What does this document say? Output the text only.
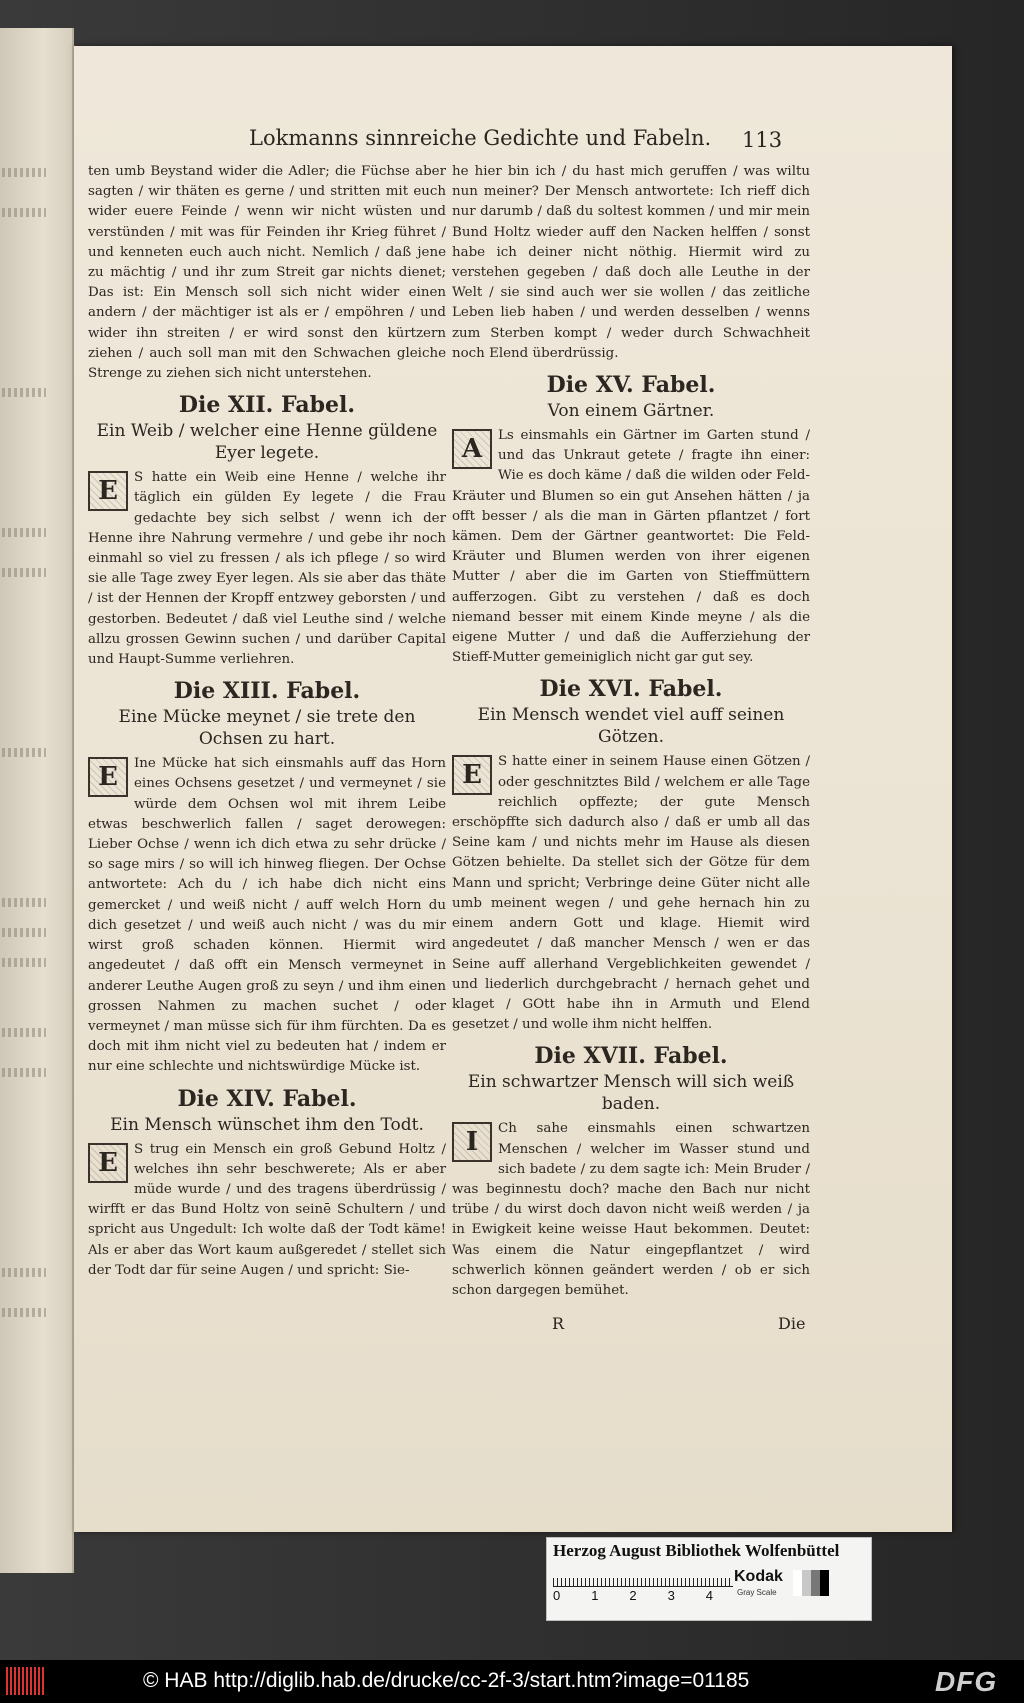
Lokmanns sinnreiche Gedichte und Fabeln.	113

ten umb Beystand wider die Adler; die Füchse aber sagten / wir thäten es gerne / und stritten mit euch wider euere Feinde / wenn wir nicht wüsten und verstünden / mit was für Feinden ihr Krieg führet / und kenneten euch auch nicht. Nemlich / daß jene zu mächtig / und ihr zum Streit gar nichts dienet; Das ist: Ein Mensch soll sich nicht wider einen andern / der mächtiger ist als er / empöhren / und wider ihn streiten / er wird sonst den kürtzern ziehen / auch soll man mit den Schwachen gleiche Strenge zu ziehen sich nicht unterstehen.

Die XII. Fabel.
Ein Weib / welcher eine Henne güldene Eyer legete.
E	S hatte ein Weib eine Henne / welche ihr täglich ein gülden Ey legete / die Frau gedachte bey sich selbst / wenn ich der Henne ihre Nahrung vermehre / und gebe ihr noch einmahl so viel zu fressen / als ich pflege / so wird sie alle Tage zwey Eyer legen. Als sie aber das thäte / ist der Hennen der Kropff entzwey geborsten / und gestorben. Bedeutet / daß viel Leuthe sind / welche allzu grossen Gewinn suchen / und darüber Capital und Haupt-Summe verliehren.

Die XIII. Fabel.
Eine Mücke meynet / sie trete den Ochsen zu hart.
E	Ine Mücke hat sich einsmahls auff das Horn eines Ochsens gesetzet / und vermeynet / sie würde dem Ochsen wol mit ihrem Leibe etwas beschwerlich fallen / saget derowegen: Lieber Ochse / wenn ich dich etwa zu sehr drücke / so sage mirs / so will ich hinweg fliegen. Der Ochse antwortete: Ach du / ich habe dich nicht eins gemercket / und weiß nicht / auff welch Horn du dich gesetzet / und weiß auch nicht / was du mir wirst groß schaden können. Hiermit wird angedeutet / daß offt ein Mensch vermeynet in anderer Leuthe Augen groß zu seyn / und ihm einen grossen Nahmen zu machen suchet / oder vermeynet / man müsse sich für ihm fürchten. Da es doch mit ihm nicht viel zu bedeuten hat / indem er nur eine schlechte und nichtswürdige Mücke ist.

Die XIV. Fabel.
Ein Mensch wünschet ihm den Todt.
E	S trug ein Mensch ein groß Gebund Holtz / welches ihn sehr beschwerete; Als er aber müde wurde / und des tragens überdrüssig / wirfft er das Bund Holtz von seinē Schultern / und spricht aus Ungedult: Ich wolte daß der Todt käme! Als er aber das Wort kaum außgeredet / stellet sich der Todt dar für seine Augen / und spricht: Sie-

he hier bin ich / du hast mich geruffen / was wiltu nun meiner? Der Mensch antwortete: Ich rieff dich nur darumb / daß du soltest kommen / und mir mein Bund Holtz wieder auff den Nacken helffen / sonst habe ich deiner nicht nöthig. Hiermit wird zu verstehen gegeben / daß doch alle Leuthe in der Welt / sie sind auch wer sie wollen / das zeitliche Leben lieb haben / und werden desselben / wenns zum Sterben kompt / weder durch Schwachheit noch Elend überdrüssig.

Die XV. Fabel.
Von einem Gärtner.
A	Ls einsmahls ein Gärtner im Garten stund / und das Unkraut getete / fragte ihn einer: Wie es doch käme / daß die wilden oder Feld-Kräuter und Blumen so ein gut Ansehen hätten / ja offt besser / als die man in Gärten pflantzet / fort kämen. Dem der Gärtner geantwortet: Die Feld-Kräuter und Blumen werden von ihrer eigenen Mutter / aber die im Garten von Stieffmüttern aufferzogen. Gibt zu verstehen / daß es doch niemand besser mit einem Kinde meyne / als die eigene Mutter / und daß die Aufferziehung der Stieff-Mutter gemeiniglich nicht gar gut sey.

Die XVI. Fabel.
Ein Mensch wendet viel auff seinen Götzen.
E	S hatte einer in seinem Hause einen Götzen / oder geschnitztes Bild / welchem er alle Tage reichlich opffezte; der gute Mensch erschöpffte sich dadurch also / daß er umb all das Seine kam / und nichts mehr im Hause als diesen Götzen behielte. Da stellet sich der Götze für dem Mann und spricht; Verbringe deine Güter nicht alle umb meinent wegen / und gehe hernach hin zu einem andern Gott und klage. Hiemit wird angedeutet / daß mancher Mensch / wen er das Seine auff allerhand Vergeblichkeiten gewendet / und liederlich durchgebracht / hernach gehet und klaget / GOtt habe ihn in Armuth und Elend gesetzet / und wolle ihm nicht helffen.

Die XVII. Fabel.
Ein schwartzer Mensch will sich weiß baden.
I	Ch sahe einsmahls einen schwartzen Menschen / welcher im Wasser stund und sich badete / zu dem sagte ich: Mein Bruder / was beginnestu doch? mache den Bach nur nicht trübe / du wirst doch davon nicht weiß werden / ja in Ewigkeit keine weisse Haut bekommen. Deutet: Was einem die Natur eingepflantzet / wird schwerlich können geändert werden / ob er sich schon dargegen bemühet.

R	Die
Herzog August Bibliothek Wolfenbüttel
0 1 2 3 4
Kodak
Gray Scale
© HAB http://diglib.hab.de/drucke/cc-2f-3/start.htm?image=01185	DFG
